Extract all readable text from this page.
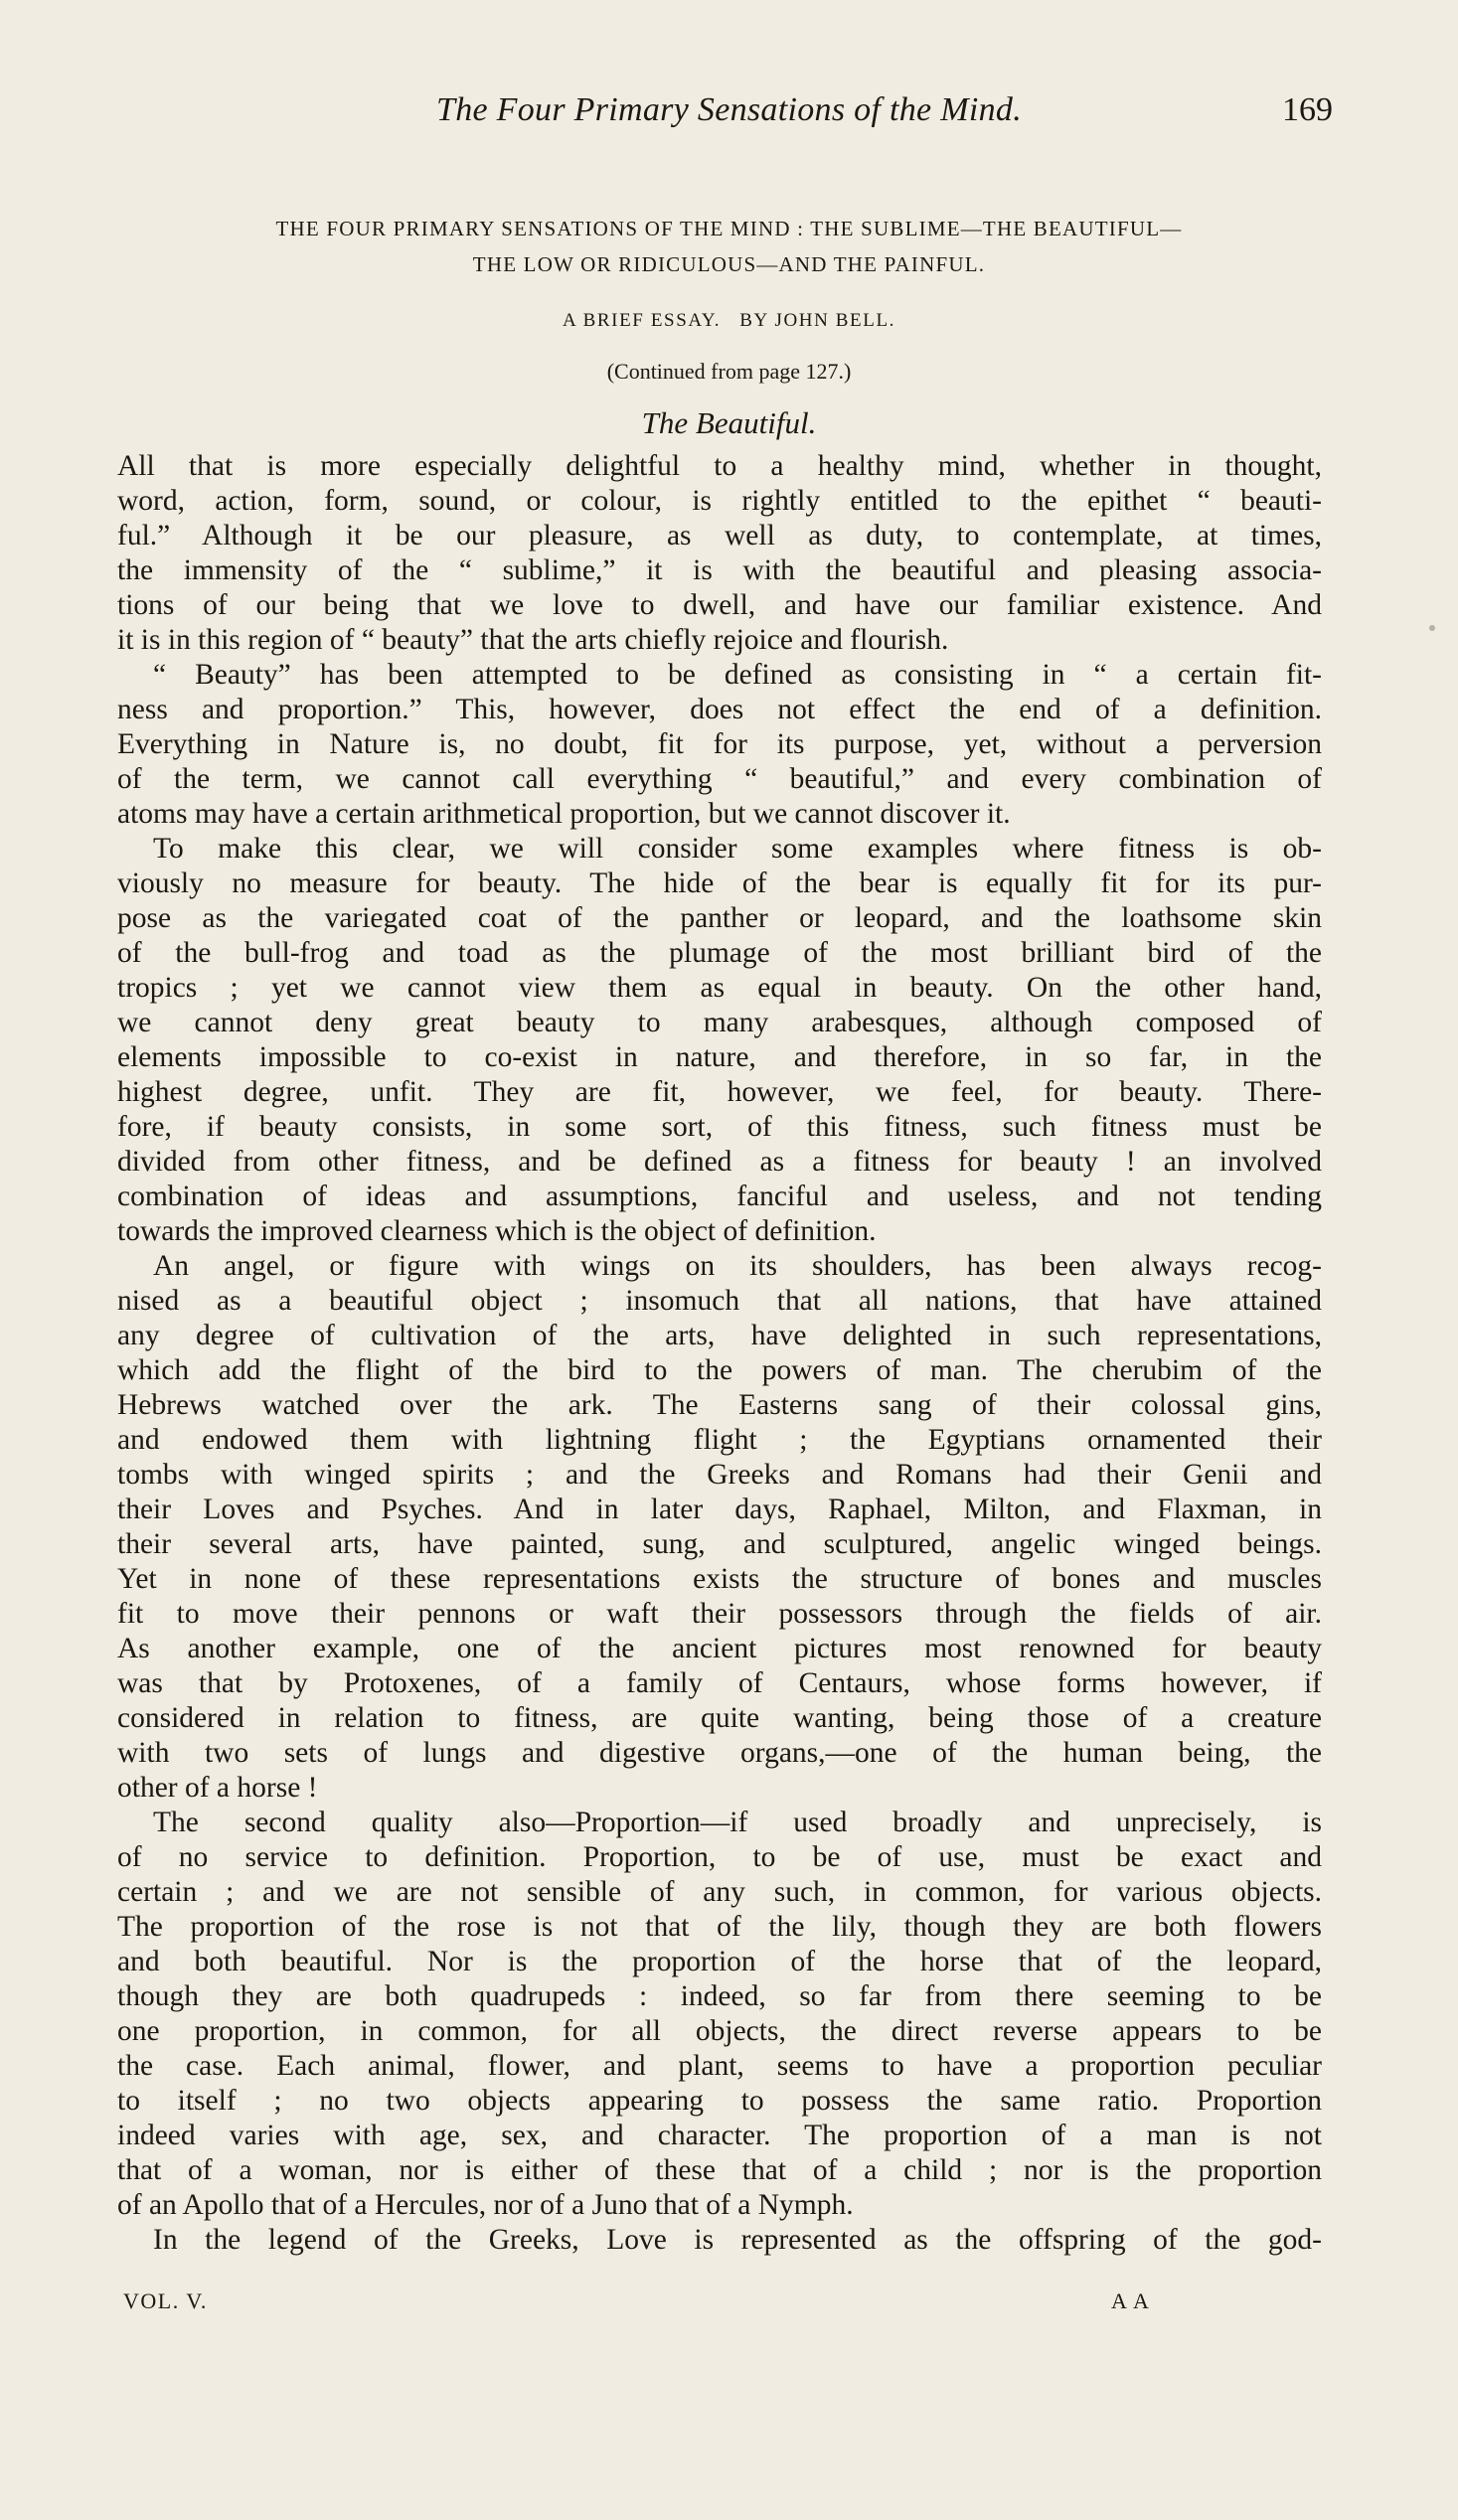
The Four Primary Sensations of the Mind.	169
THE FOUR PRIMARY SENSATIONS OF THE MIND : THE SUBLIME—THE BEAUTIFUL—
THE LOW OR RIDICULOUS—AND THE PAINFUL.
A BRIEF ESSAY.   BY JOHN BELL.
(Continued from page 127.)
The Beautiful.
All that is more especially delightful to a healthy mind, whether in thought,
word, action, form, sound, or colour, is rightly entitled to the epithet “ beauti-
ful.” Although it be our pleasure, as well as duty, to contemplate, at times,
the immensity of the “ sublime,” it is with the beautiful and pleasing associa-
tions of our being that we love to dwell, and have our familiar existence. And
it is in this region of “ beauty” that the arts chiefly rejoice and flourish.
“ Beauty” has been attempted to be defined as consisting in “ a certain fit-
ness and proportion.” This, however, does not effect the end of a definition.
Everything in Nature is, no doubt, fit for its purpose, yet, without a perversion
of the term, we cannot call everything “ beautiful,” and every combination of
atoms may have a certain arithmetical proportion, but we cannot discover it.
To make this clear, we will consider some examples where fitness is ob-
viously no measure for beauty. The hide of the bear is equally fit for its pur-
pose as the variegated coat of the panther or leopard, and the loathsome skin
of the bull-frog and toad as the plumage of the most brilliant bird of the
tropics ; yet we cannot view them as equal in beauty. On the other hand,
we cannot deny great beauty to many arabesques, although composed of
elements impossible to co-exist in nature, and therefore, in so far, in the
highest degree, unfit. They are fit, however, we feel, for beauty. There-
fore, if beauty consists, in some sort, of this fitness, such fitness must be
divided from other fitness, and be defined as a fitness for beauty ! an involved
combination of ideas and assumptions, fanciful and useless, and not tending
towards the improved clearness which is the object of definition.
An angel, or figure with wings on its shoulders, has been always recog-
nised as a beautiful object ; insomuch that all nations, that have attained
any degree of cultivation of the arts, have delighted in such representations,
which add the flight of the bird to the powers of man. The cherubim of the
Hebrews watched over the ark. The Easterns sang of their colossal gins,
and endowed them with lightning flight ; the Egyptians ornamented their
tombs with winged spirits ; and the Greeks and Romans had their Genii and
their Loves and Psyches. And in later days, Raphael, Milton, and Flaxman, in
their several arts, have painted, sung, and sculptured, angelic winged beings.
Yet in none of these representations exists the structure of bones and muscles
fit to move their pennons or waft their possessors through the fields of air.
As another example, one of the ancient pictures most renowned for beauty
was that by Protoxenes, of a family of Centaurs, whose forms however, if
considered in relation to fitness, are quite wanting, being those of a creature
with two sets of lungs and digestive organs,—one of the human being, the
other of a horse !
The second quality also—Proportion—if used broadly and unprecisely, is
of no service to definition. Proportion, to be of use, must be exact and
certain ; and we are not sensible of any such, in common, for various objects.
The proportion of the rose is not that of the lily, though they are both flowers
and both beautiful. Nor is the proportion of the horse that of the leopard,
though they are both quadrupeds : indeed, so far from there seeming to be
one proportion, in common, for all objects, the direct reverse appears to be
the case. Each animal, flower, and plant, seems to have a proportion peculiar
to itself ; no two objects appearing to possess the same ratio. Proportion
indeed varies with age, sex, and character. The proportion of a man is not
that of a woman, nor is either of these that of a child ; nor is the proportion
of an Apollo that of a Hercules, nor of a Juno that of a Nymph.
In the legend of the Greeks, Love is represented as the offspring of the god-
VOL. V.	A A
